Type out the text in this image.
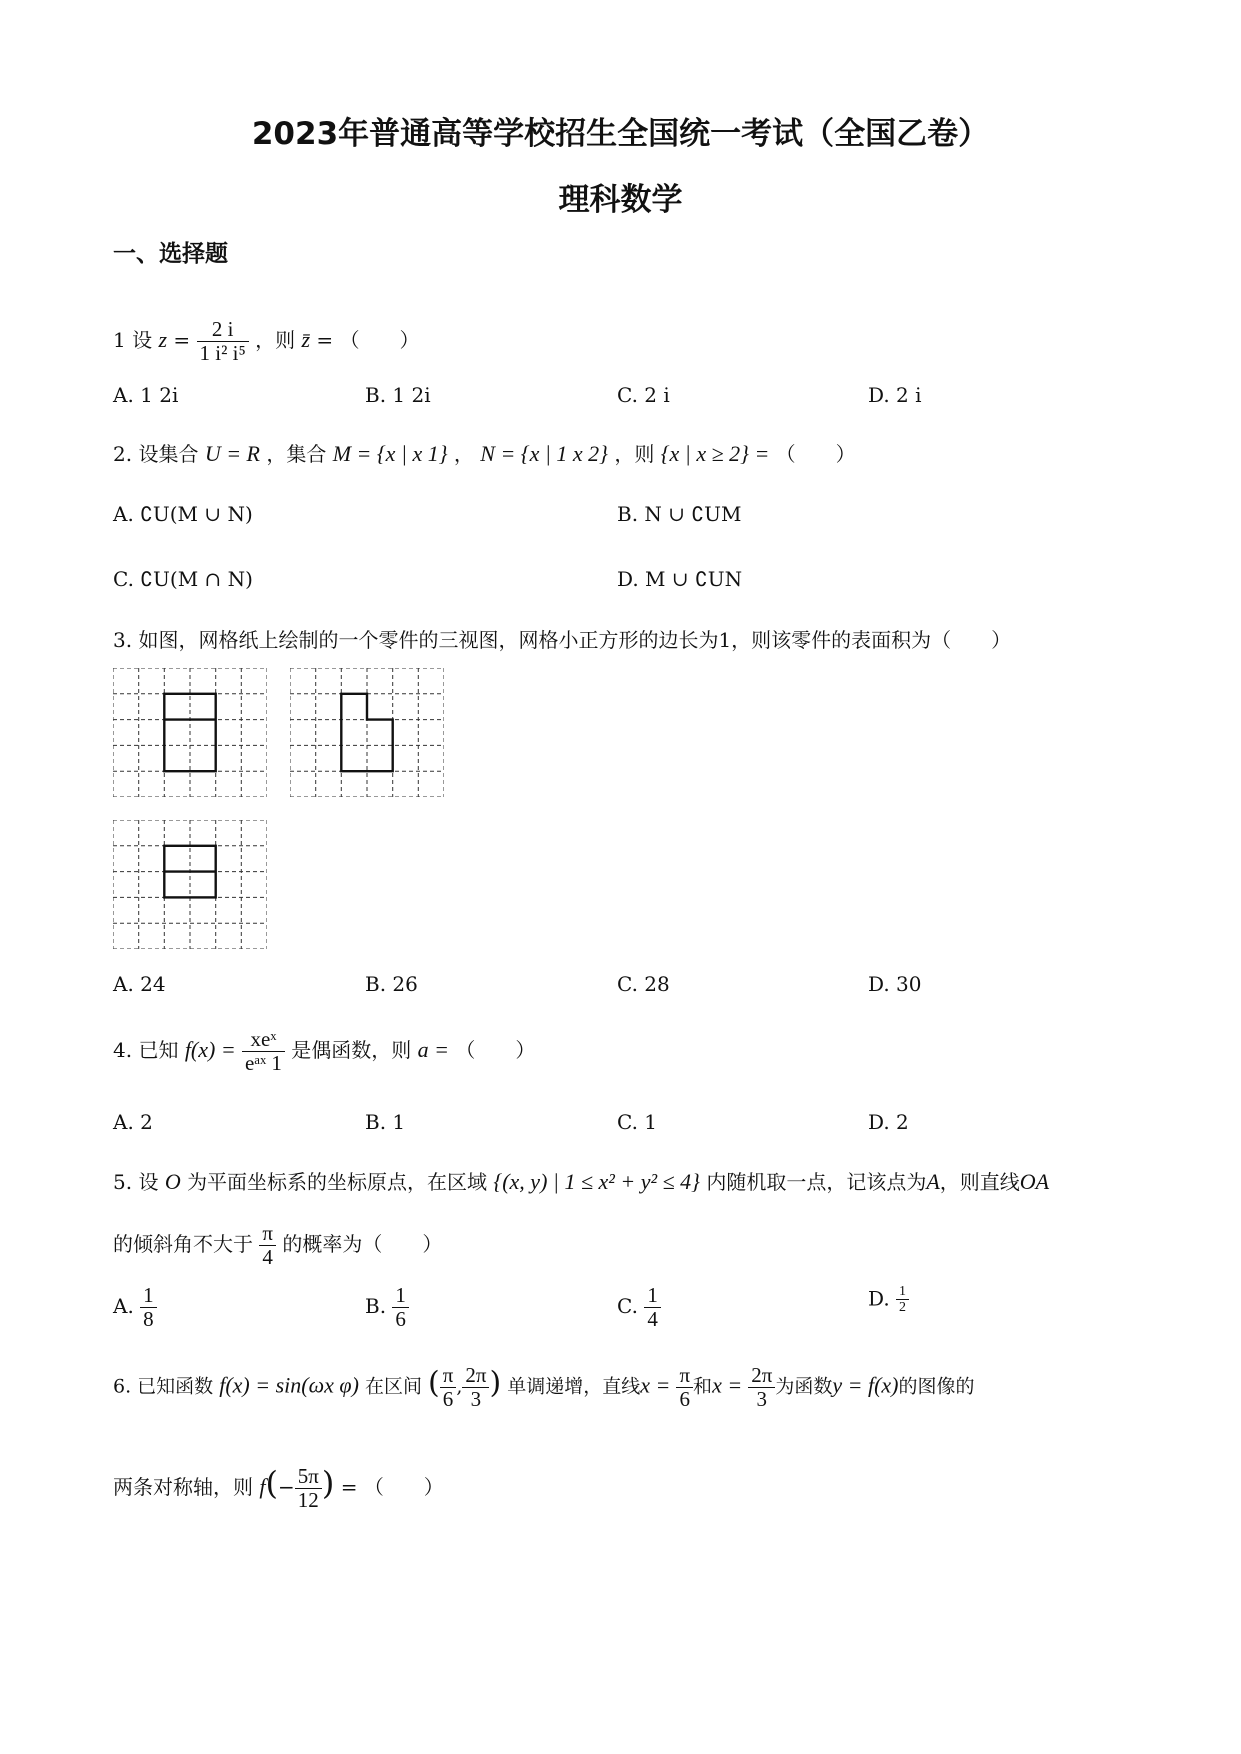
2023年普通高等学校招生全国统一考试（全国乙卷）
理科数学
一、选择题
1 设 $z = \frac{2 i}{\text{1 i² i⁵}}$ ，则 z̄ = （　　）
A. 1 2i	B. 1 2i	C. 2 i	D. 2 i
2. 设集合 U = R ，集合 M = {x | x 1} ， N = {x | 1 x 2} ，则 {x | x ≥ 2} = （　　）
A. ∁U(M ∪ N)	B. N ∪ ∁UM
C. ∁U(M ∩ N)	D. M ∪ ∁UN
3. 如图，网格纸上绘制的一个零件的三视图，网格小正方形的边长为1，则该零件的表面积为（　　）
A. 24	B. 26	C. 28	D. 30
4. 已知 $f(x) = \frac{\text{xeˣ}}{\text{eᵃˣ 1}}$ 是偶函数，则 a = （　　）
A. 2	B. 1	C. 1	D. 2
5. 设 O 为平面坐标系的坐标原点，在区域 {(x, y) | 1 ≤ x² + y² ≤ 4} 内随机取一点，记该点为A，则直线OA
的倾斜角不大于 $\frac{\pi}{4}$ 的概率为（　　）
A. $\frac{1}{8}$	B. $\frac{1}{6}$	C. $\frac{1}{4}$	D. $\frac{1}{2}$
6. 已知函数 f(x) = sin(ωx φ) 在区间 ( $\frac{\pi}{6}$ , $\frac{2\pi}{3}$ ) 单调递增，直线$x = \frac{\pi}{6}$ 和$x = \frac{2\pi}{3}$ 为函数y = f(x)的图像的
两条对称轴，则 $f(- \frac{5\pi}{12}$ ) = （　　）
